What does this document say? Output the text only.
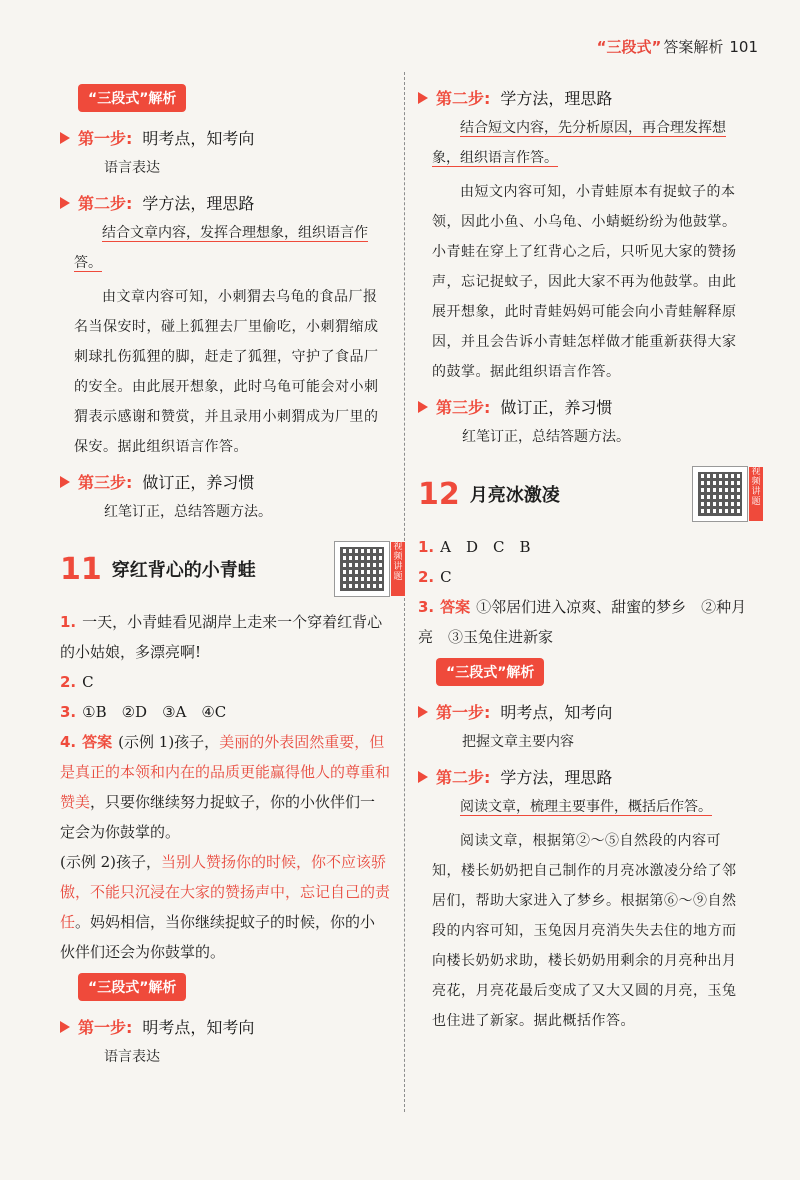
“三段式” 答案解析 101
“三段式”解析
第一步: 明考点，知考向
语言表达
第二步: 学方法，理思路
结合文章内容，发挥合理想象，组织语言作答。
由文章内容可知，小刺猬去乌龟的食品厂报名当保安时，碰上狐狸去厂里偷吃，小刺猬缩成刺球扎伤狐狸的脚，赶走了狐狸，守护了食品厂的安全。由此展开想象，此时乌龟可能会对小刺猬表示感谢和赞赏，并且录用小刺猬成为厂里的保安。据此组织语言作答。
第三步: 做订正，养习惯
红笔订正，总结答题方法。
11 穿红背心的小青蛙
视频讲题
1. 一天，小青蛙看见湖岸上走来一个穿着红背心的小姑娘，多漂亮啊!
2. C
3. ①B　②D　③A　④C
4. 答案 (示例 1)孩子，美丽的外表固然重要，但是真正的本领和内在的品质更能赢得他人的尊重和赞美，只要你继续努力捉蚊子，你的小伙伴们一定会为你鼓掌的。
(示例 2)孩子，当别人赞扬你的时候，你不应该骄傲，不能只沉浸在大家的赞扬声中，忘记自己的责任。妈妈相信，当你继续捉蚊子的时候，你的小伙伴们还会为你鼓掌的。
“三段式”解析
第一步: 明考点，知考向
语言表达
第二步: 学方法，理思路
结合短文内容，先分析原因，再合理发挥想象，组织语言作答。
由短文内容可知，小青蛙原本有捉蚊子的本领，因此小鱼、小乌龟、小蜻蜓纷纷为他鼓掌。小青蛙在穿上了红背心之后，只听见大家的赞扬声，忘记捉蚊子，因此大家不再为他鼓掌。由此展开想象，此时青蛙妈妈可能会向小青蛙解释原因，并且会告诉小青蛙怎样做才能重新获得大家的鼓掌。据此组织语言作答。
第三步: 做订正，养习惯
红笔订正，总结答题方法。
12 月亮冰激凌
视频讲题
1. A　D　C　B
2. C
3. 答案 ①邻居们进入凉爽、甜蜜的梦乡　②种月亮　③玉兔住进新家
“三段式”解析
第一步: 明考点，知考向
把握文章主要内容
第二步: 学方法，理思路
阅读文章，梳理主要事件，概括后作答。
阅读文章，根据第②～⑤自然段的内容可知，楼长奶奶把自己制作的月亮冰激凌分给了邻居们，帮助大家进入了梦乡。根据第⑥～⑨自然段的内容可知，玉兔因月亮消失失去住的地方而向楼长奶奶求助，楼长奶奶用剩余的月亮种出月亮花，月亮花最后变成了又大又圆的月亮，玉兔也住进了新家。据此概括作答。
